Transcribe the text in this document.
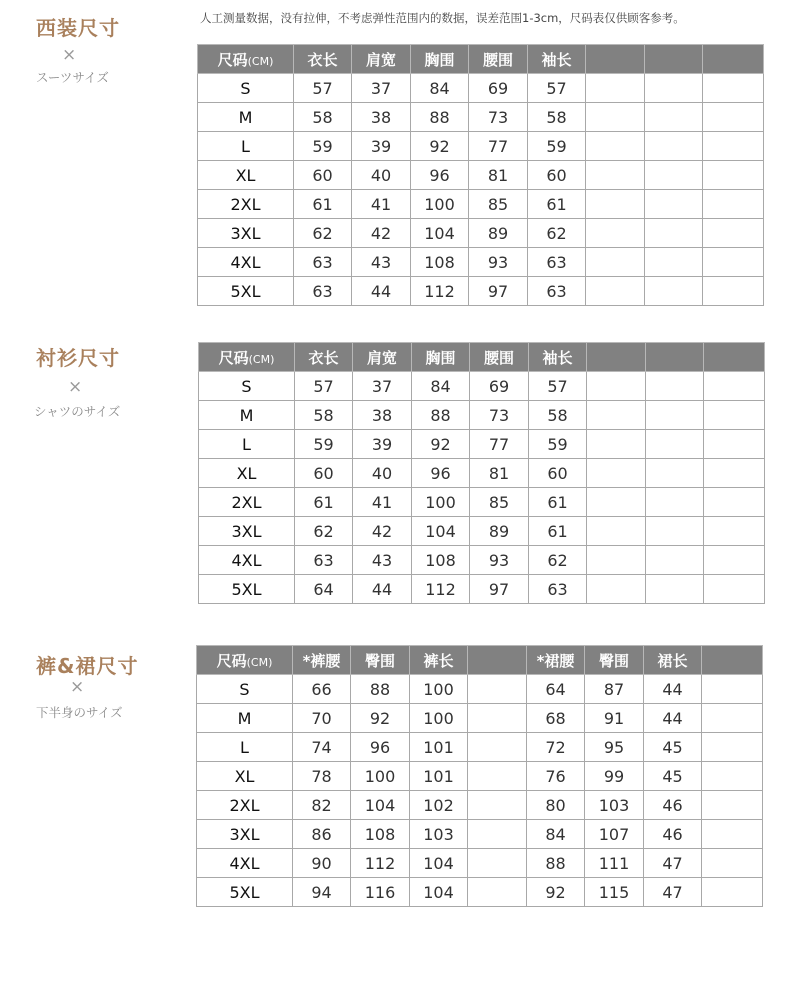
人工测量数据，没有拉伸，不考虑弹性范围内的数据，误差范围1-3cm，尺码表仅供顾客参考。
西装尺寸
×
スーツサイズ
尺码(CM)	衣长	肩宽	胸围	腰围	袖长			
S	57	37	84	69	57			
M	58	38	88	73	58			
L	59	39	92	77	59			
XL	60	40	96	81	60			
2XL	61	41	100	85	61			
3XL	62	42	104	89	62			
4XL	63	43	108	93	63			
5XL	63	44	112	97	63			
衬衫尺寸
×
シャツのサイズ
尺码(CM)	衣长	肩宽	胸围	腰围	袖长			
S	57	37	84	69	57			
M	58	38	88	73	58			
L	59	39	92	77	59			
XL	60	40	96	81	60			
2XL	61	41	100	85	61			
3XL	62	42	104	89	61			
4XL	63	43	108	93	62			
5XL	64	44	112	97	63			
裤&裙尺寸
×
下半身のサイズ
尺码(CM)	*裤腰	臀围	裤长		*裙腰	臀围	裙长	
S	66	88	100		64	87	44	
M	70	92	100		68	91	44	
L	74	96	101		72	95	45	
XL	78	100	101		76	99	45	
2XL	82	104	102		80	103	46	
3XL	86	108	103		84	107	46	
4XL	90	112	104		88	111	47	
5XL	94	116	104		92	115	47	
